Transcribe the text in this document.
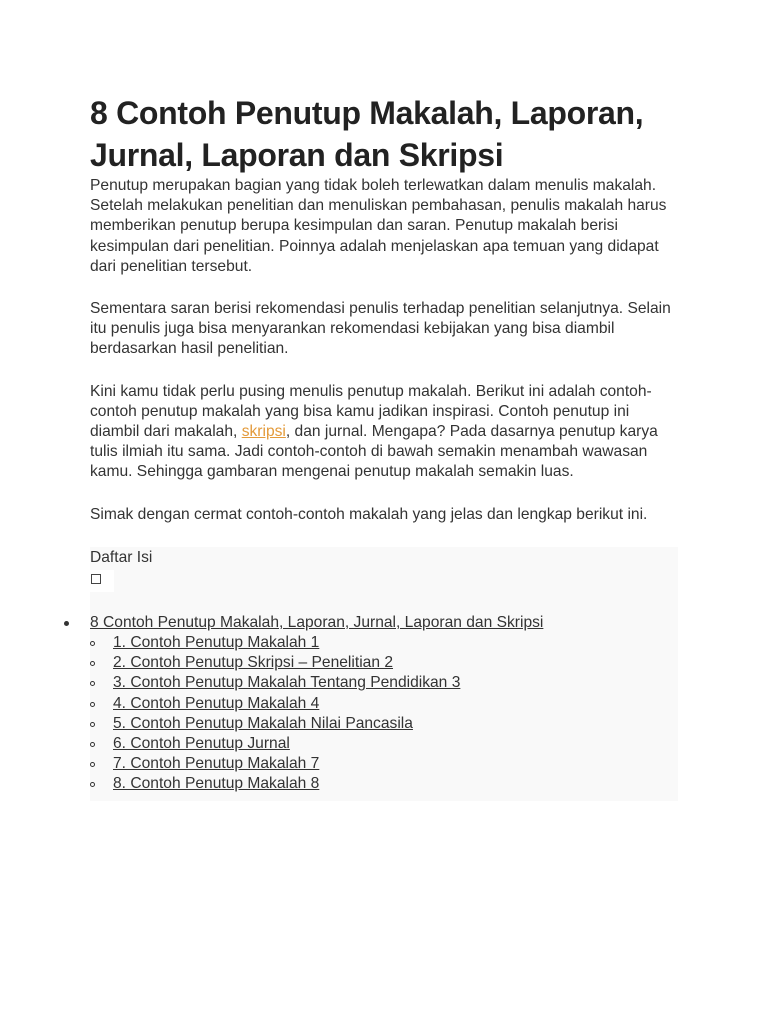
8 Contoh Penutup Makalah, Laporan, Jurnal, Laporan dan Skripsi

Penutup merupakan bagian yang tidak boleh terlewatkan dalam menulis makalah. Setelah melakukan penelitian dan menuliskan pembahasan, penulis makalah harus memberikan penutup berupa kesimpulan dan saran. Penutup makalah berisi kesimpulan dari penelitian. Poinnya adalah menjelaskan apa temuan yang didapat dari penelitian tersebut.

Sementara saran berisi rekomendasi penulis terhadap penelitian selanjutnya. Selain itu penulis juga bisa menyarankan rekomendasi kebijakan yang bisa diambil berdasarkan hasil penelitian.

Kini kamu tidak perlu pusing menulis penutup makalah. Berikut ini adalah contoh-contoh penutup makalah yang bisa kamu jadikan inspirasi. Contoh penutup ini diambil dari makalah, skripsi, dan jurnal. Mengapa? Pada dasarnya penutup karya tulis ilmiah itu sama. Jadi contoh-contoh di bawah semakin menambah wawasan kamu. Sehingga gambaran mengenai penutup makalah semakin luas.

Simak dengan cermat contoh-contoh makalah yang jelas dan lengkap berikut ini.

Daftar Isi
8 Contoh Penutup Makalah, Laporan, Jurnal, Laporan dan Skripsi
1. Contoh Penutup Makalah 1
2. Contoh Penutup Skripsi – Penelitian 2
3. Contoh Penutup Makalah Tentang Pendidikan 3
4. Contoh Penutup Makalah 4
5. Contoh Penutup Makalah Nilai Pancasila
6. Contoh Penutup Jurnal
7. Contoh Penutup Makalah 7
8. Contoh Penutup Makalah 8
